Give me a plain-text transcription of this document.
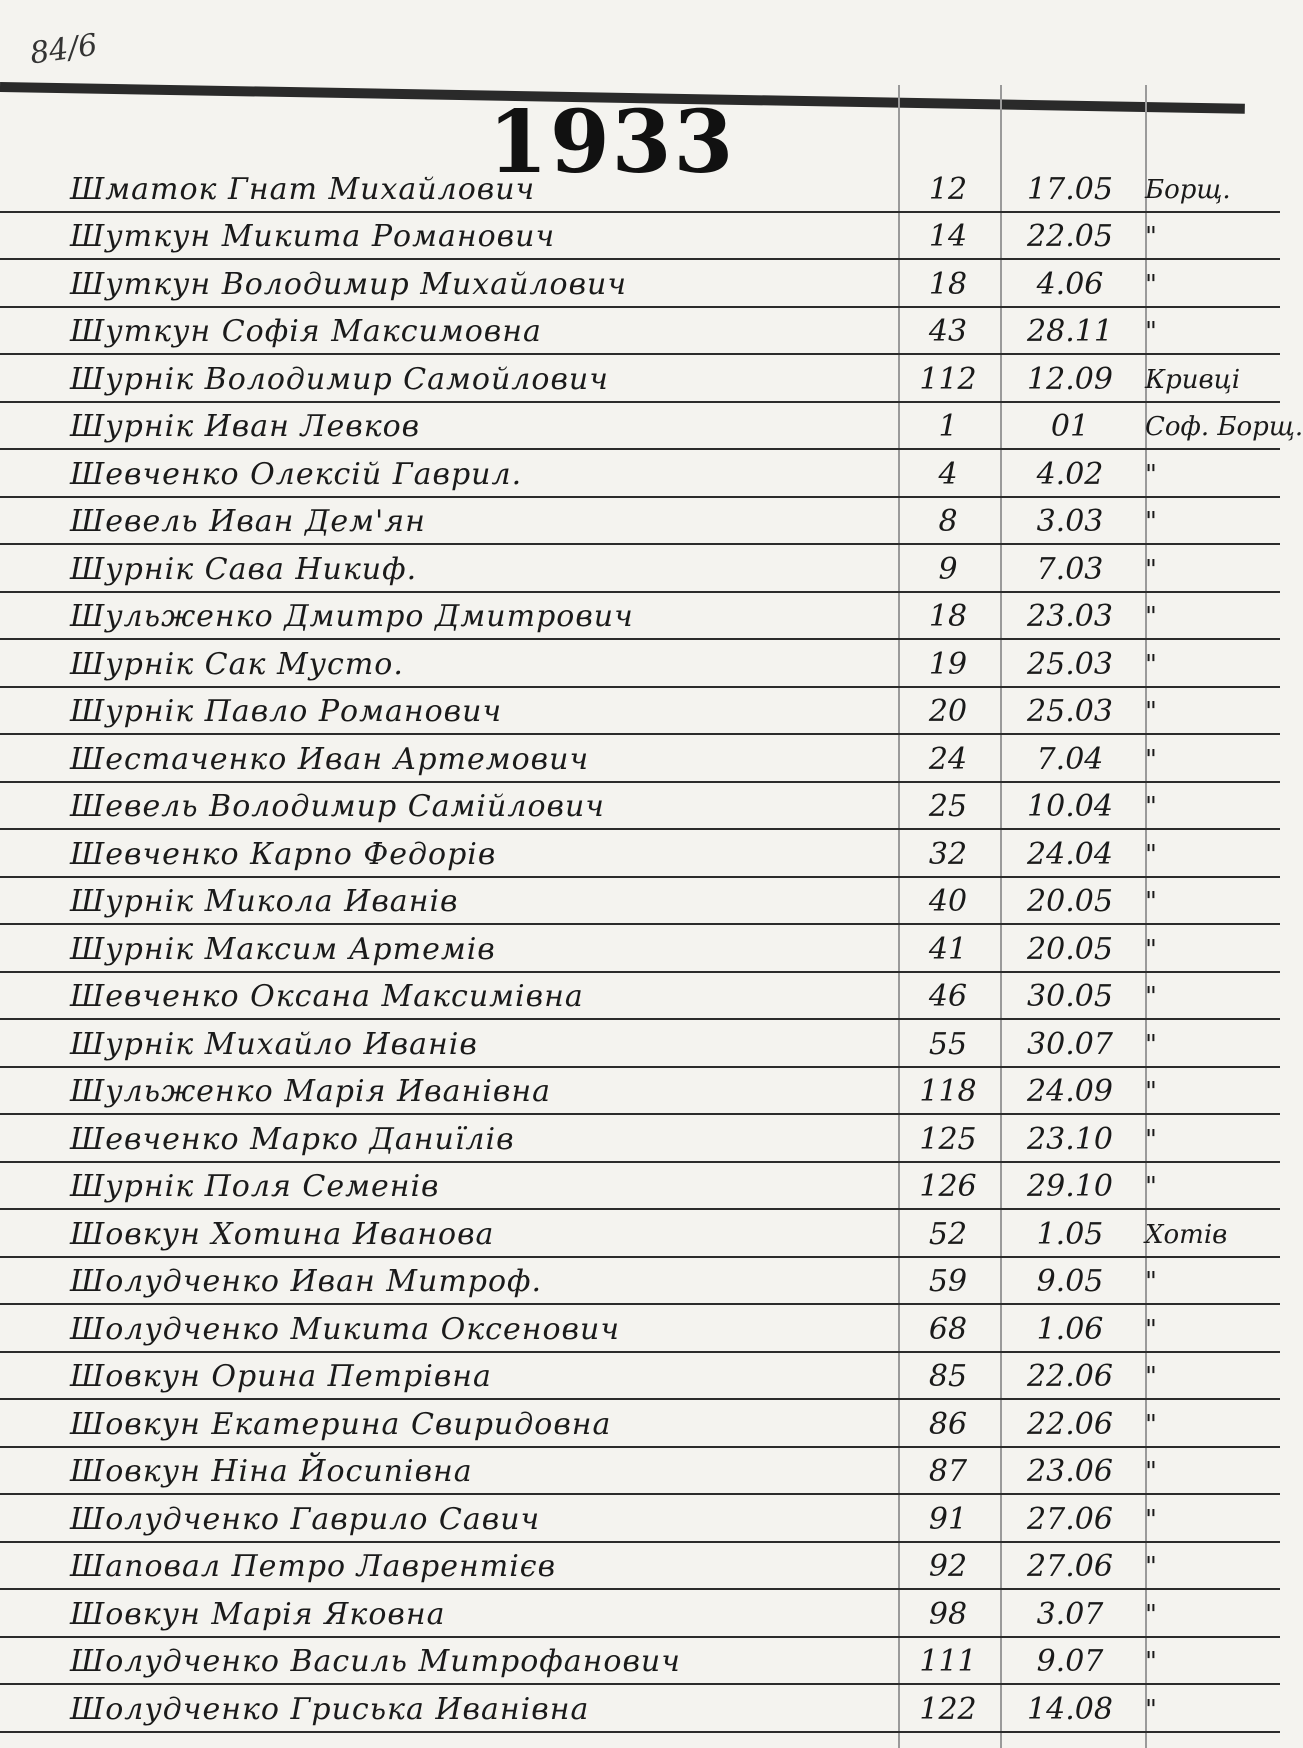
84/6
1933
Шматок Гнат Михайлович	12	17.05	Борщ.
Шуткун Микита Романович	14	22.05	"
Шуткун Володимир Михайлович	18	4.06	"
Шуткун Софія Максимовна	43	28.11	"
Шурнік Володимир Самойлович	112	12.09	Кривці
Шурнік Иван Левков	1	01	Соф. Борщ.
Шевченко Олексій Гаврил.	4	4.02	"
Шевель Иван Дем'ян	8	3.03	"
Шурнік Сава Никиф.	9	7.03	"
Шульженко Дмитро Дмитрович	18	23.03	"
Шурнік Сак Мусто.	19	25.03	"
Шурнік Павло Романович	20	25.03	"
Шестаченко Иван Артемович	24	7.04	"
Шевель Володимир Самійлович	25	10.04	"
Шевченко Карпо Федорів	32	24.04	"
Шурнік Микола Иванів	40	20.05	"
Шурнік Максим Артемів	41	20.05	"
Шевченко Оксана Максимівна	46	30.05	"
Шурнік Михайло Иванів	55	30.07	"
Шульженко Марія Иванівна	118	24.09	"
Шевченко Марко Даниїлів	125	23.10	"
Шурнік Поля Семенів	126	29.10	"
Шовкун Хотина Иванова	52	1.05	Хотів
Шолудченко Иван Митроф.	59	9.05	"
Шолудченко Микита Оксенович	68	1.06	"
Шовкун Орина Петрівна	85	22.06	"
Шовкун Екатерина Свиридовна	86	22.06	"
Шовкун Ніна Йосипівна	87	23.06	"
Шолудченко Гаврило Савич	91	27.06	"
Шаповал Петро Лаврентієв	92	27.06	"
Шовкун Марія Яковна	98	3.07	"
Шолудченко Василь Митрофанович	111	9.07	"
Шолудченко Гриська Иванівна	122	14.08	"
